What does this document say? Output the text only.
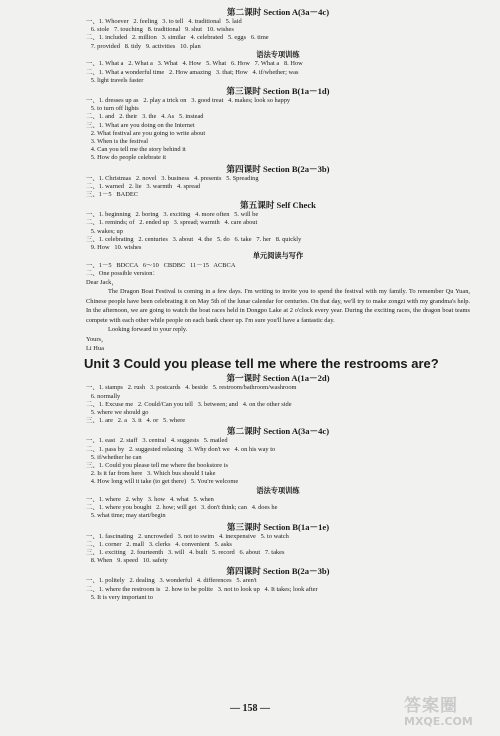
第二课时 Section A(3a－4c)
一、1. Whoever   2. feeling   3. to tell   4. traditional   5. laid
6. stole   7. touching   8. traditional   9. shut   10. wishes
二、1. included   2. million   3. similar   4. celebrated   5. eggs   6. time
7. provided   8. tidy   9. activities   10. plan
语法专项训练
一、1. What a   2. What a   3. What   4. How   5. What   6. How   7. What a   8. How
二、1. What a wonderful time   2. How amazing   3. that; How   4. if/whether; was
5. light travels faster
第三课时 Section B(1a－1d)
一、1. dresses up as   2. play a trick on   3. good treat   4. makes; look so happy
5. to turn off lights
二、1. and   2. their   3. the   4. As   5. instead
三、1. What are you doing on the Internet
2. What festival are you going to write about
3. When is the festival
4. Can you tell me the story behind it
5. How do people celebrate it
第四课时 Section B(2a－3b)
一、1. Christmas   2. novel   3. business   4. presents   5. Spreading
二、1. warned   2. lie   3. warmth   4. spread
三、1－5   BADEC
第五课时 Self Check
一、1. beginning   2. boring   3. exciting   4. more often   5. will be
二、1. reminds; of   2. ended up   3. spread; warmth   4. care about
5. wakes; up
三、1. celebrating   2. centuries   3. about   4. the   5. do   6. take   7. her   8. quickly
9. How   10. wishes
单元阅读与写作
一、1－5   BDCCA   6～10   CBDBC   11－15   ACBCA
二、One possible version：
Dear Jack，
The Dragon Boat Festival is coming in a few days. I'm writing to invite you to spend the festival with my family. To remember Qu Yuan, Chinese people have been celebrating it on May 5th of the lunar calendar for centuries. On that day, we'll try to make zongzi with my grandma's help. In the afternoon, we are going to watch the boat races held in Dongpo Lake at 2 o'clock every year. During the exciting races, the dragon boat teams compete with each other while people on each bank cheer up. I'm sure you'll have a fantastic day.
Looking forward to your reply.
Yours，
Li Hua
Unit 3 Could you please tell me where the restrooms are?
第一课时 Section A(1a－2d)
一、1. stamps   2. rush   3. postcards   4. beside   5. restroom/bathroom/washroom
6. normally
二、1. Excuse me   2. Could/Can you tell   3. between; and   4. on the other side
5. where we should go
三、1. are   2. a   3. it   4. or   5. where
第二课时 Section A(3a－4c)
一、1. east   2. staff   3. central   4. suggests   5. mailed
二、1. pass by   2. suggested relaxing   3. Why don't we   4. on his way to
5. if/whether he can
三、1. Could you please tell me where the bookstore is
2. Is it far from here   3. Which bus should I take
4. How long will it take (to get there)   5. You're welcome
语法专项训练
一、1. where   2. why   3. how   4. what   5. when
二、1. where you bought   2. how; will get   3. don't think; can   4. does he
5. what time; may start/begin
第三课时 Section B(1a－1e)
一、1. fascinating   2. uncrowded   3. not to swim   4. inexpensive   5. to watch
二、1. corner   2. mall   3. clerks   4. convenient   5. asks
三、1. exciting   2. fourteenth   3. will   4. built   5. record   6. about   7. takes
8. When   9. speed   10. safety
第四课时 Section B(2a－3b)
一、1. politely   2. dealing   3. wonderful   4. differences   5. aren't
二、1. where the restroom is   2. how to be polite   3. not to look up   4. It takes; look after
5. It is very important to
— 158 —	答案圈
MXQE.COM
